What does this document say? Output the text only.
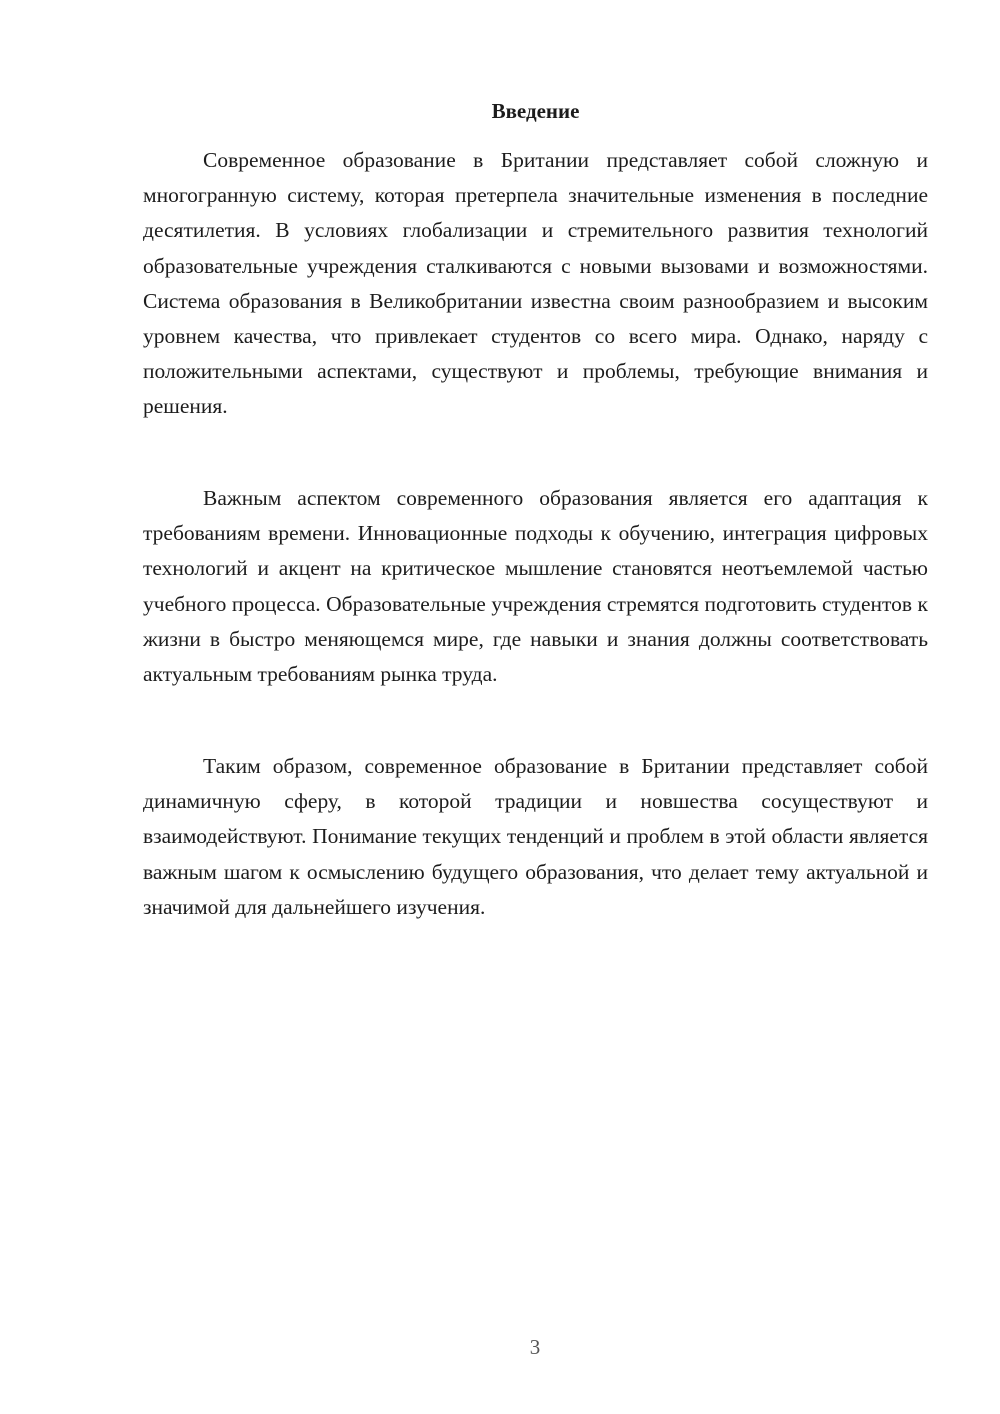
Введение

Современное образование в Британии представляет собой сложную и многогранную систему, которая претерпела значительные изменения в последние десятилетия. В условиях глобализации и стремительного развития технологий образовательные учреждения сталкиваются с новыми вызовами и возможностями. Система образования в Великобритании известна своим разнообразием и высоким уровнем качества, что привлекает студентов со всего мира. Однако, наряду с положительными аспектами, существуют и проблемы, требующие внимания и решения.

Важным аспектом современного образования является его адаптация к требованиям времени. Инновационные подходы к обучению, интеграция цифровых технологий и акцент на критическое мышление становятся неотъемлемой частью учебного процесса. Образовательные учреждения стремятся подготовить студентов к жизни в быстро меняющемся мире, где навыки и знания должны соответствовать актуальным требованиям рынка труда.

Таким образом, современное образование в Британии представляет собой динамичную сферу, в которой традиции и новшества сосуществуют и взаимодействуют. Понимание текущих тенденций и проблем в этой области является важным шагом к осмыслению будущего образования, что делает тему актуальной и значимой для дальнейшего изучения.

3
